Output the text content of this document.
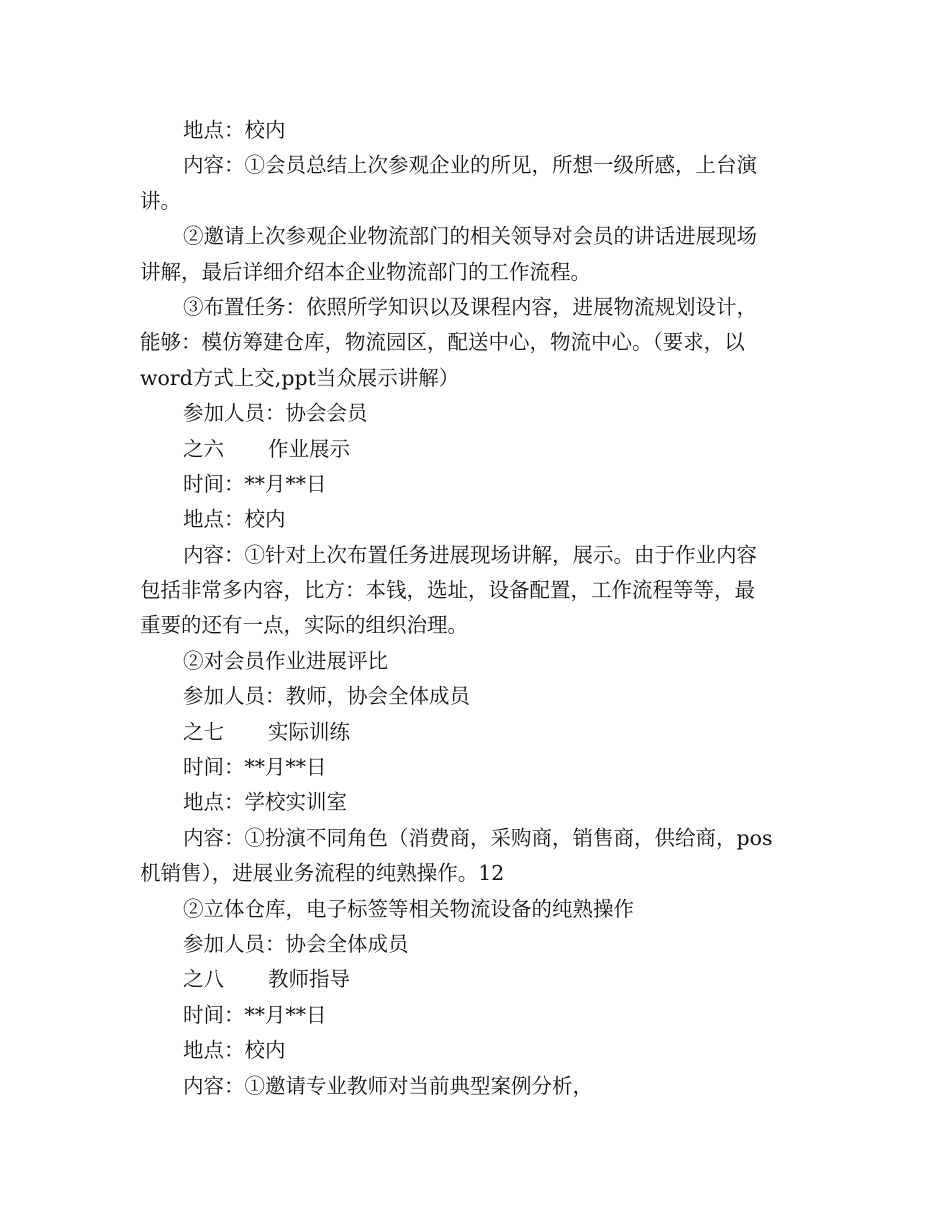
地点：校内
内容：①会员总结上次参观企业的所见，所想一级所感，上台演
讲。
②邀请上次参观企业物流部门的相关领导对会员的讲话进展现场
讲解，最后详细介绍本企业物流部门的工作流程。
③布置任务：依照所学知识以及课程内容，进展物流规划设计，
能够：模仿筹建仓库，物流园区，配送中心，物流中心。（要求，以
word方式上交,ppt当众展示讲解）
参加人员：协会会员
之六 作业展示
时间：**月**日
地点：校内
内容：①针对上次布置任务进展现场讲解，展示。由于作业内容
包括非常多内容，比方：本钱，选址，设备配置，工作流程等等，最
重要的还有一点，实际的组织治理。
②对会员作业进展评比
参加人员：教师，协会全体成员
之七 实际训练
时间：**月**日
地点：学校实训室
内容：①扮演不同角色（消费商，采购商，销售商，供给商，pos
机销售），进展业务流程的纯熟操作。12
②立体仓库，电子标签等相关物流设备的纯熟操作
参加人员：协会全体成员
之八 教师指导
时间：**月**日
地点：校内
内容：①邀请专业教师对当前典型案例分析，
